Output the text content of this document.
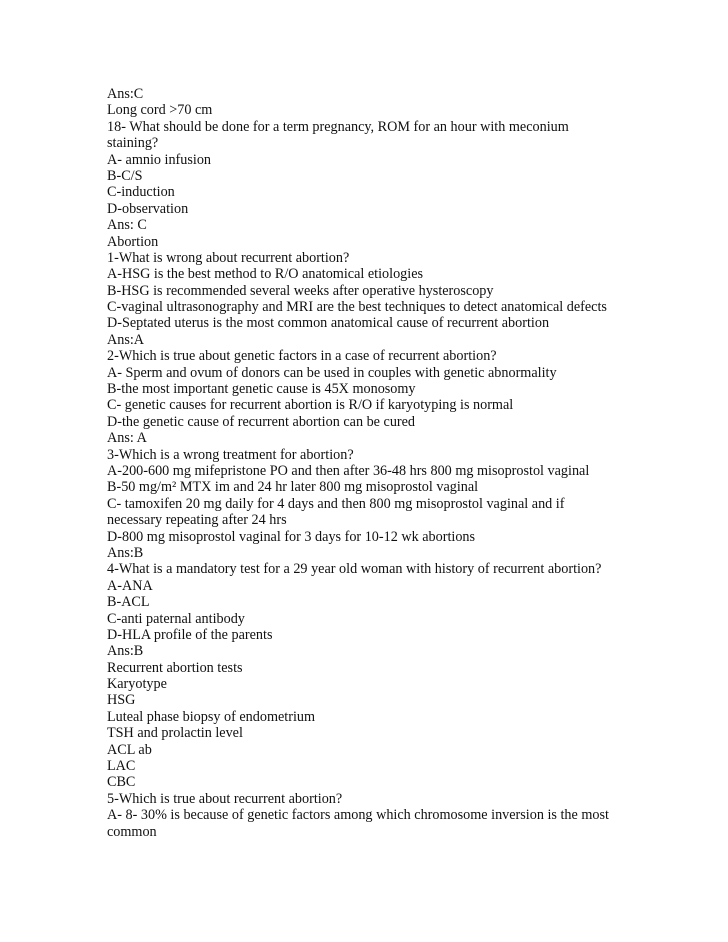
Ans:C
Long cord >70 cm
18- What should be done for a term pregnancy, ROM for an hour with meconium
staining?
A- amnio infusion
B-C/S
C-induction
D-observation
Ans: C
Abortion
1-What is wrong about recurrent abortion?
A-HSG is the best method to R/O anatomical etiologies
B-HSG is recommended several weeks after operative hysteroscopy
C-vaginal ultrasonography and MRI are the best techniques to detect anatomical defects
D-Septated uterus is the most common anatomical cause of recurrent abortion
Ans:A
2-Which is true about genetic factors in a case of recurrent abortion?
A- Sperm and ovum of donors can be used in couples with genetic abnormality
B-the most important genetic cause is 45X monosomy
C- genetic causes for recurrent abortion is R/O if karyotyping is normal
D-the genetic cause of recurrent abortion can be cured
Ans: A
3-Which is a wrong treatment for abortion?
A-200-600 mg mifepristone PO and then after 36-48 hrs 800 mg misoprostol vaginal
B-50 mg/m² MTX im and 24 hr later 800 mg misoprostol vaginal
C- tamoxifen 20 mg daily for 4 days and then 800 mg misoprostol vaginal and if
necessary repeating after 24 hrs
D-800 mg misoprostol vaginal for 3 days for 10-12 wk abortions
Ans:B
4-What is a mandatory test for a 29 year old woman with history of recurrent abortion?
A-ANA
B-ACL
C-anti paternal antibody
D-HLA profile of the parents
Ans:B
Recurrent abortion tests
Karyotype
HSG
Luteal phase biopsy of endometrium
TSH and prolactin level
ACL ab
LAC
CBC
5-Which is true about recurrent abortion?
A- 8- 30% is because of genetic factors among which chromosome inversion is the most
common
